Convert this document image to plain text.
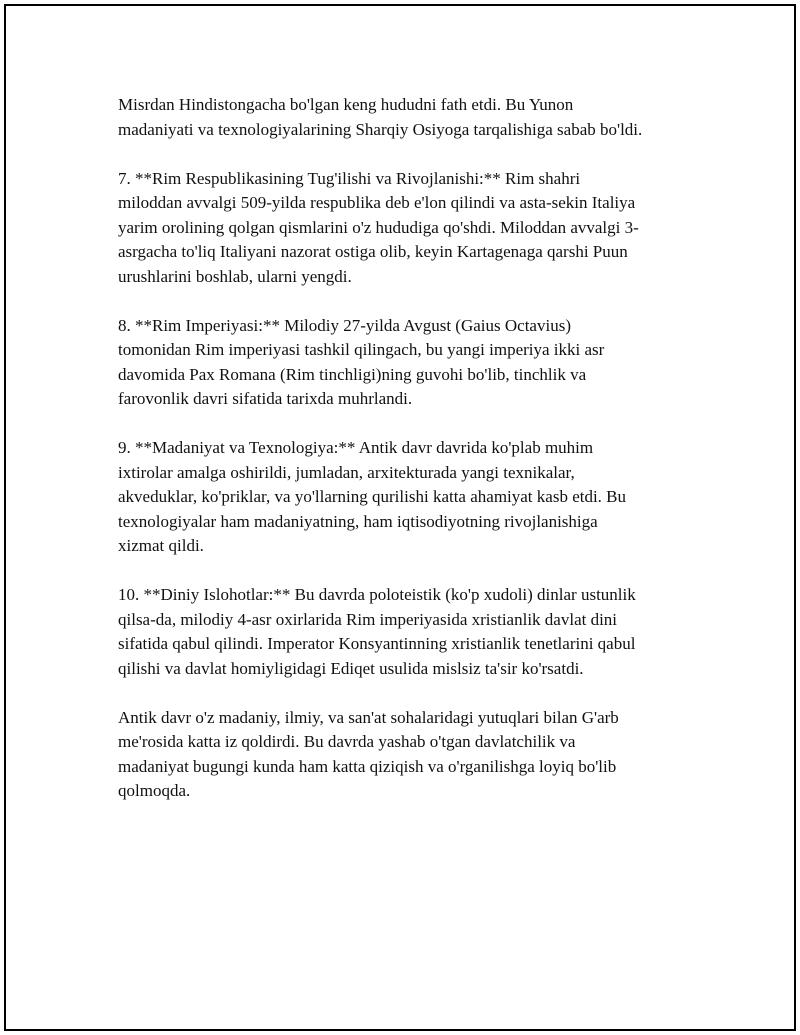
Misrdan Hindistongacha bo'lgan keng hududni fath etdi. Bu Yunon
madaniyati va texnologiyalarining Sharqiy Osiyoga tarqalishiga sabab bo'ldi.

7. **Rim Respublikasining Tug'ilishi va Rivojlanishi:** Rim shahri
miloddan avvalgi 509-yilda respublika deb e'lon qilindi va asta-sekin Italiya
yarim orolining qolgan qismlarini o'z hududiga qo'shdi. Miloddan avvalgi 3-
asrgacha to'liq Italiyani nazorat ostiga olib, keyin Kartagenaga qarshi Puun
urushlarini boshlab, ularni yengdi.

8. **Rim Imperiyasi:** Milodiy 27-yilda Avgust (Gaius Octavius)
tomonidan Rim imperiyasi tashkil qilingach, bu yangi imperiya ikki asr
davomida Pax Romana (Rim tinchligi)ning guvohi bo'lib, tinchlik va
farovonlik davri sifatida tarixda muhrlandi.

9. **Madaniyat va Texnologiya:** Antik davr davrida ko'plab muhim
ixtirolar amalga oshirildi, jumladan, arxitekturada yangi texnikalar,
akveduklar, ko'priklar, va yo'llarning qurilishi katta ahamiyat kasb etdi. Bu
texnologiyalar ham madaniyatning, ham iqtisodiyotning rivojlanishiga
xizmat qildi.

10. **Diniy Islohotlar:** Bu davrda poloteistik (ko'p xudoli) dinlar ustunlik
qilsa-da, milodiy 4-asr oxirlarida Rim imperiyasida xristianlik davlat dini
sifatida qabul qilindi. Imperator Konsyantinning xristianlik tenetlarini qabul
qilishi va davlat homiyligidagi Ediqet usulida mislsiz ta'sir ko'rsatdi.

Antik davr o'z madaniy, ilmiy, va san'at sohalaridagi yutuqlari bilan G'arb
me'rosida katta iz qoldirdi. Bu davrda yashab o'tgan davlatchilik va
madaniyat bugungi kunda ham katta qiziqish va o'rganilishga loyiq bo'lib
qolmoqda.
